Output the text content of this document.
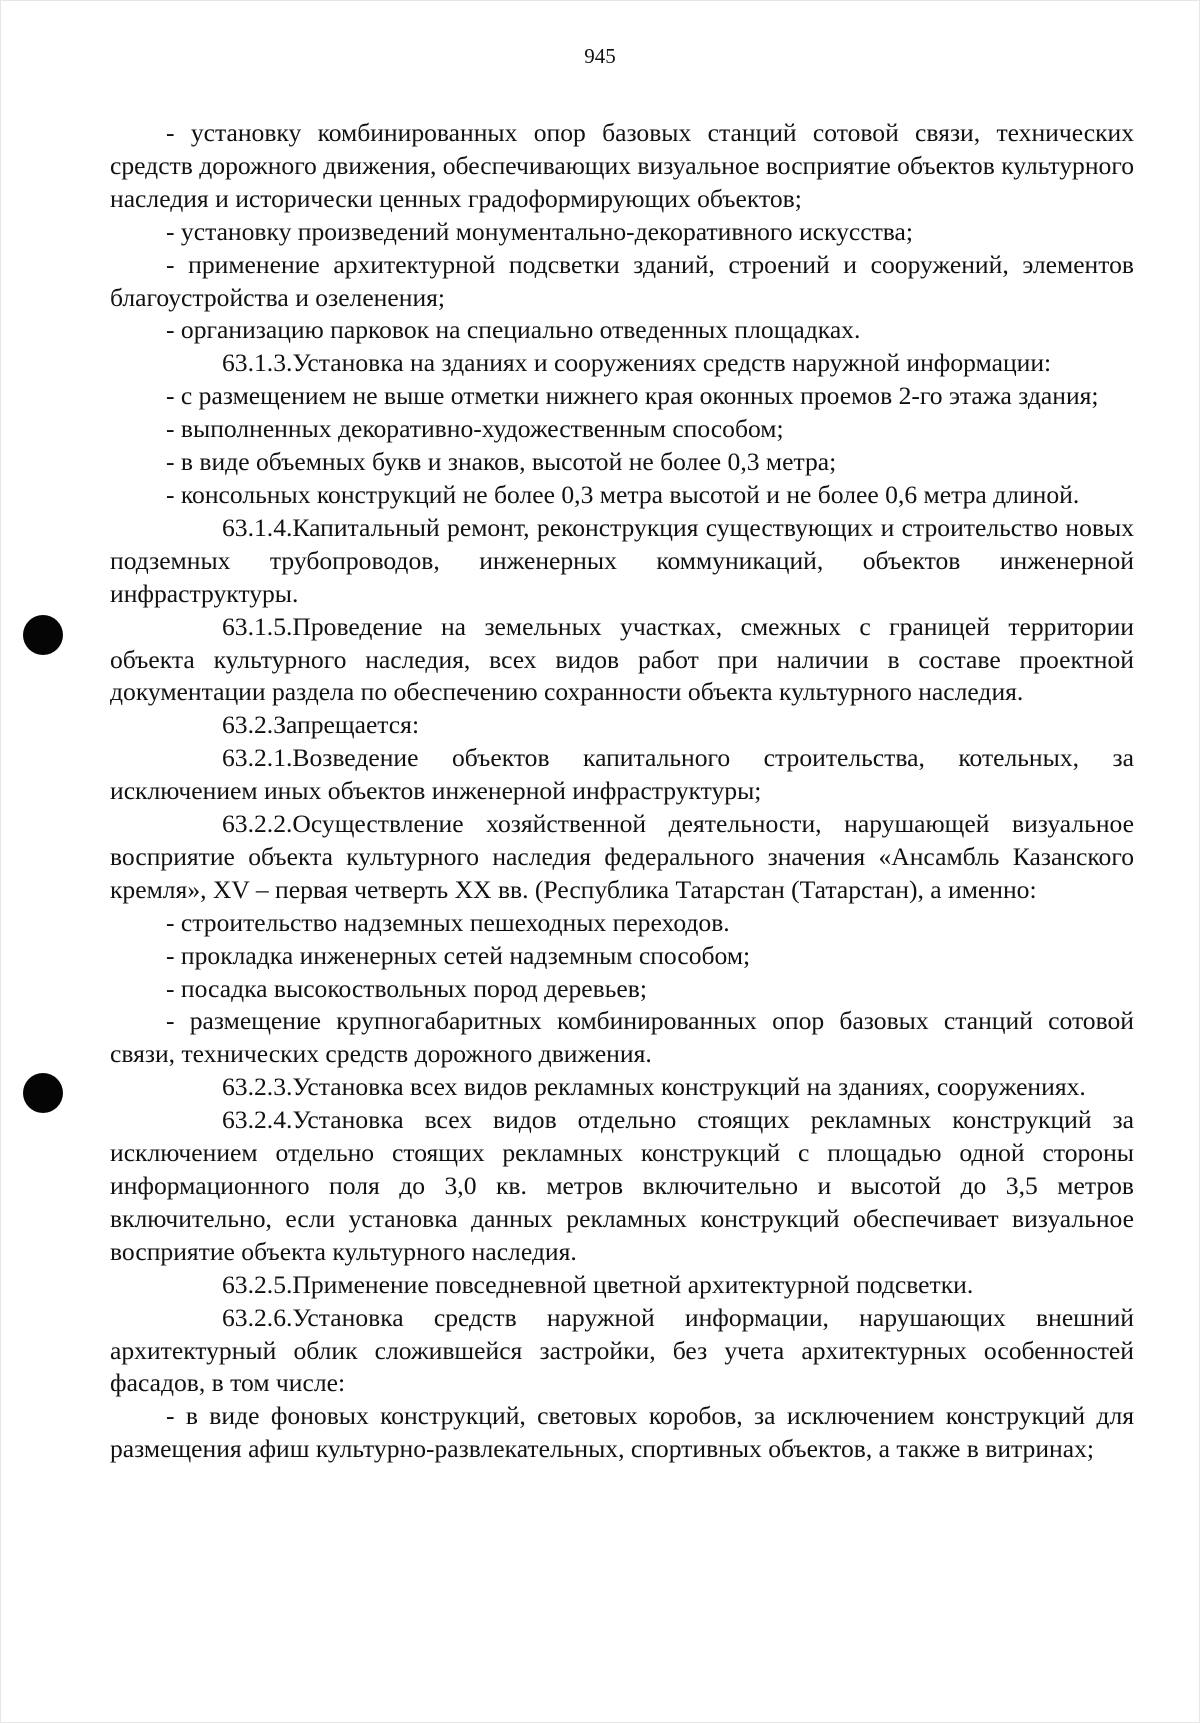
945

- установку комбинированных опор базовых станций сотовой связи, технических средств дорожного движения, обеспечивающих визуальное восприятие объектов культурного наследия и исторически ценных градоформирующих объектов;

- установку произведений монументально-декоративного искусства;

- применение архитектурной подсветки зданий, строений и сооружений, элементов благоустройства и озеленения;

- организацию парковок на специально отведенных площадках.

63.1.3.Установка на зданиях и сооружениях средств наружной информации:

- с размещением не выше отметки нижнего края оконных проемов 2-го этажа здания;

- выполненных декоративно-художественным способом;

- в виде объемных букв и знаков, высотой не более 0,3 метра;

- консольных конструкций не более 0,3 метра высотой и не более 0,6 метра длиной.

63.1.4.Капитальный ремонт, реконструкция существующих и строительство новых подземных трубопроводов, инженерных коммуникаций, объектов инженерной инфраструктуры.

63.1.5.Проведение на земельных участках, смежных с границей территории объекта культурного наследия, всех видов работ при наличии в составе проектной документации раздела по обеспечению сохранности объекта культурного наследия.

63.2.Запрещается:

63.2.1.Возведение объектов капитального строительства, котельных, за исключением иных объектов инженерной инфраструктуры;

63.2.2.Осуществление хозяйственной деятельности, нарушающей визуальное восприятие объекта культурного наследия федерального значения «Ансамбль Казанского кремля», XV – первая четверть XX вв. (Республика Татарстан (Татарстан), а именно:

- строительство надземных пешеходных переходов.

- прокладка инженерных сетей надземным способом;

- посадка высокоствольных пород деревьев;

- размещение крупногабаритных комбинированных опор базовых станций сотовой связи, технических средств дорожного движения.

63.2.3.Установка всех видов рекламных конструкций на зданиях, сооружениях.

63.2.4.Установка всех видов отдельно стоящих рекламных конструкций за исключением отдельно стоящих рекламных конструкций с площадью одной стороны информационного поля до 3,0 кв. метров включительно и высотой до 3,5 метров включительно, если установка данных рекламных конструкций обеспечивает визуальное восприятие объекта культурного наследия.

63.2.5.Применение повседневной цветной архитектурной подсветки.

63.2.6.Установка средств наружной информации, нарушающих внешний архитектурный облик сложившейся застройки, без учета архитектурных особенностей фасадов, в том числе:

- в виде фоновых конструкций, световых коробов, за исключением конструкций для размещения афиш культурно-развлекательных, спортивных объектов, а также в витринах;
